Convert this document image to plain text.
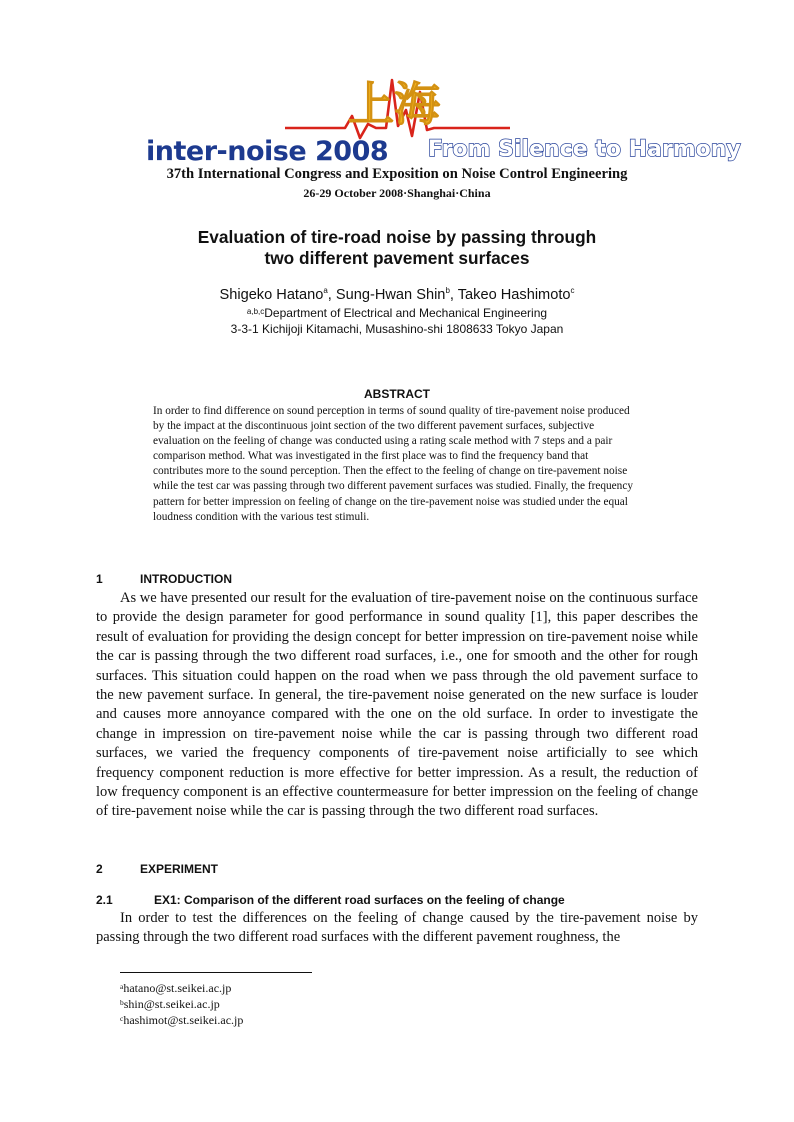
上海
inter-noise 2008 From Silence to Harmony
37th International Congress and Exposition on Noise Control Engineering
26-29 October 2008·Shanghai·China
Evaluation of tire-road noise by passing through
two different pavement surfaces
Shigeko Hatano$^a$, Sung-Hwan Shin$^b$, Takeo Hashimoto$^c$
$^{a,b,c}$Department of Electrical and Mechanical Engineering
3-3-1 Kichijoji Kitamachi, Musashino-shi 1808633 Tokyo Japan
ABSTRACT

In order to find difference on sound perception in terms of sound quality of tire-pavement noise produced by the impact at the discontinuous joint section of the two different pavement surfaces, subjective evaluation on the feeling of change was conducted using a rating scale method with 7 steps and a pair comparison method. What was investigated in the first place was to find the frequency band that contributes more to the sound perception. Then the effect to the feeling of change on tire-pavement noise while the test car was passing through two different pavement surfaces was studied. Finally, the frequency pattern for better impression on feeling of change on the tire-pavement noise was studied under the equal loudness condition with the various test stimuli.

1	INTRODUCTION

As we have presented our result for the evaluation of tire-pavement noise on the continuous surface to provide the design parameter for good performance in sound quality [1], this paper describes the result of evaluation for providing the design concept for better impression on tire-pavement noise while the car is passing through the two different road surfaces, i.e., one for smooth and the other for rough surfaces. This situation could happen on the road when we pass through the old pavement surface to the new pavement surface. In general, the tire-pavement noise generated on the new surface is louder and causes more annoyance compared with the one on the old surface. In order to investigate the change in impression on tire-pavement noise while the car is passing through two different road surfaces, we varied the frequency components of tire-pavement noise artificially to see which frequency component reduction is more effective for better impression. As a result, the reduction of low frequency component is an effective countermeasure for better impression on the feeling of change of tire-pavement noise while the car is passing through the two different road surfaces.

2	EXPERIMENT
2.1	EX1: Comparison of the different road surfaces on the feeling of change

In order to test the differences on the feeling of change caused by the tire-pavement noise by passing through the two different road surfaces with the different pavement roughness, the

$^a$hatano@st.seikei.ac.jp
$^b$shin@st.seikei.ac.jp
$^c$hashimot@st.seikei.ac.jp
